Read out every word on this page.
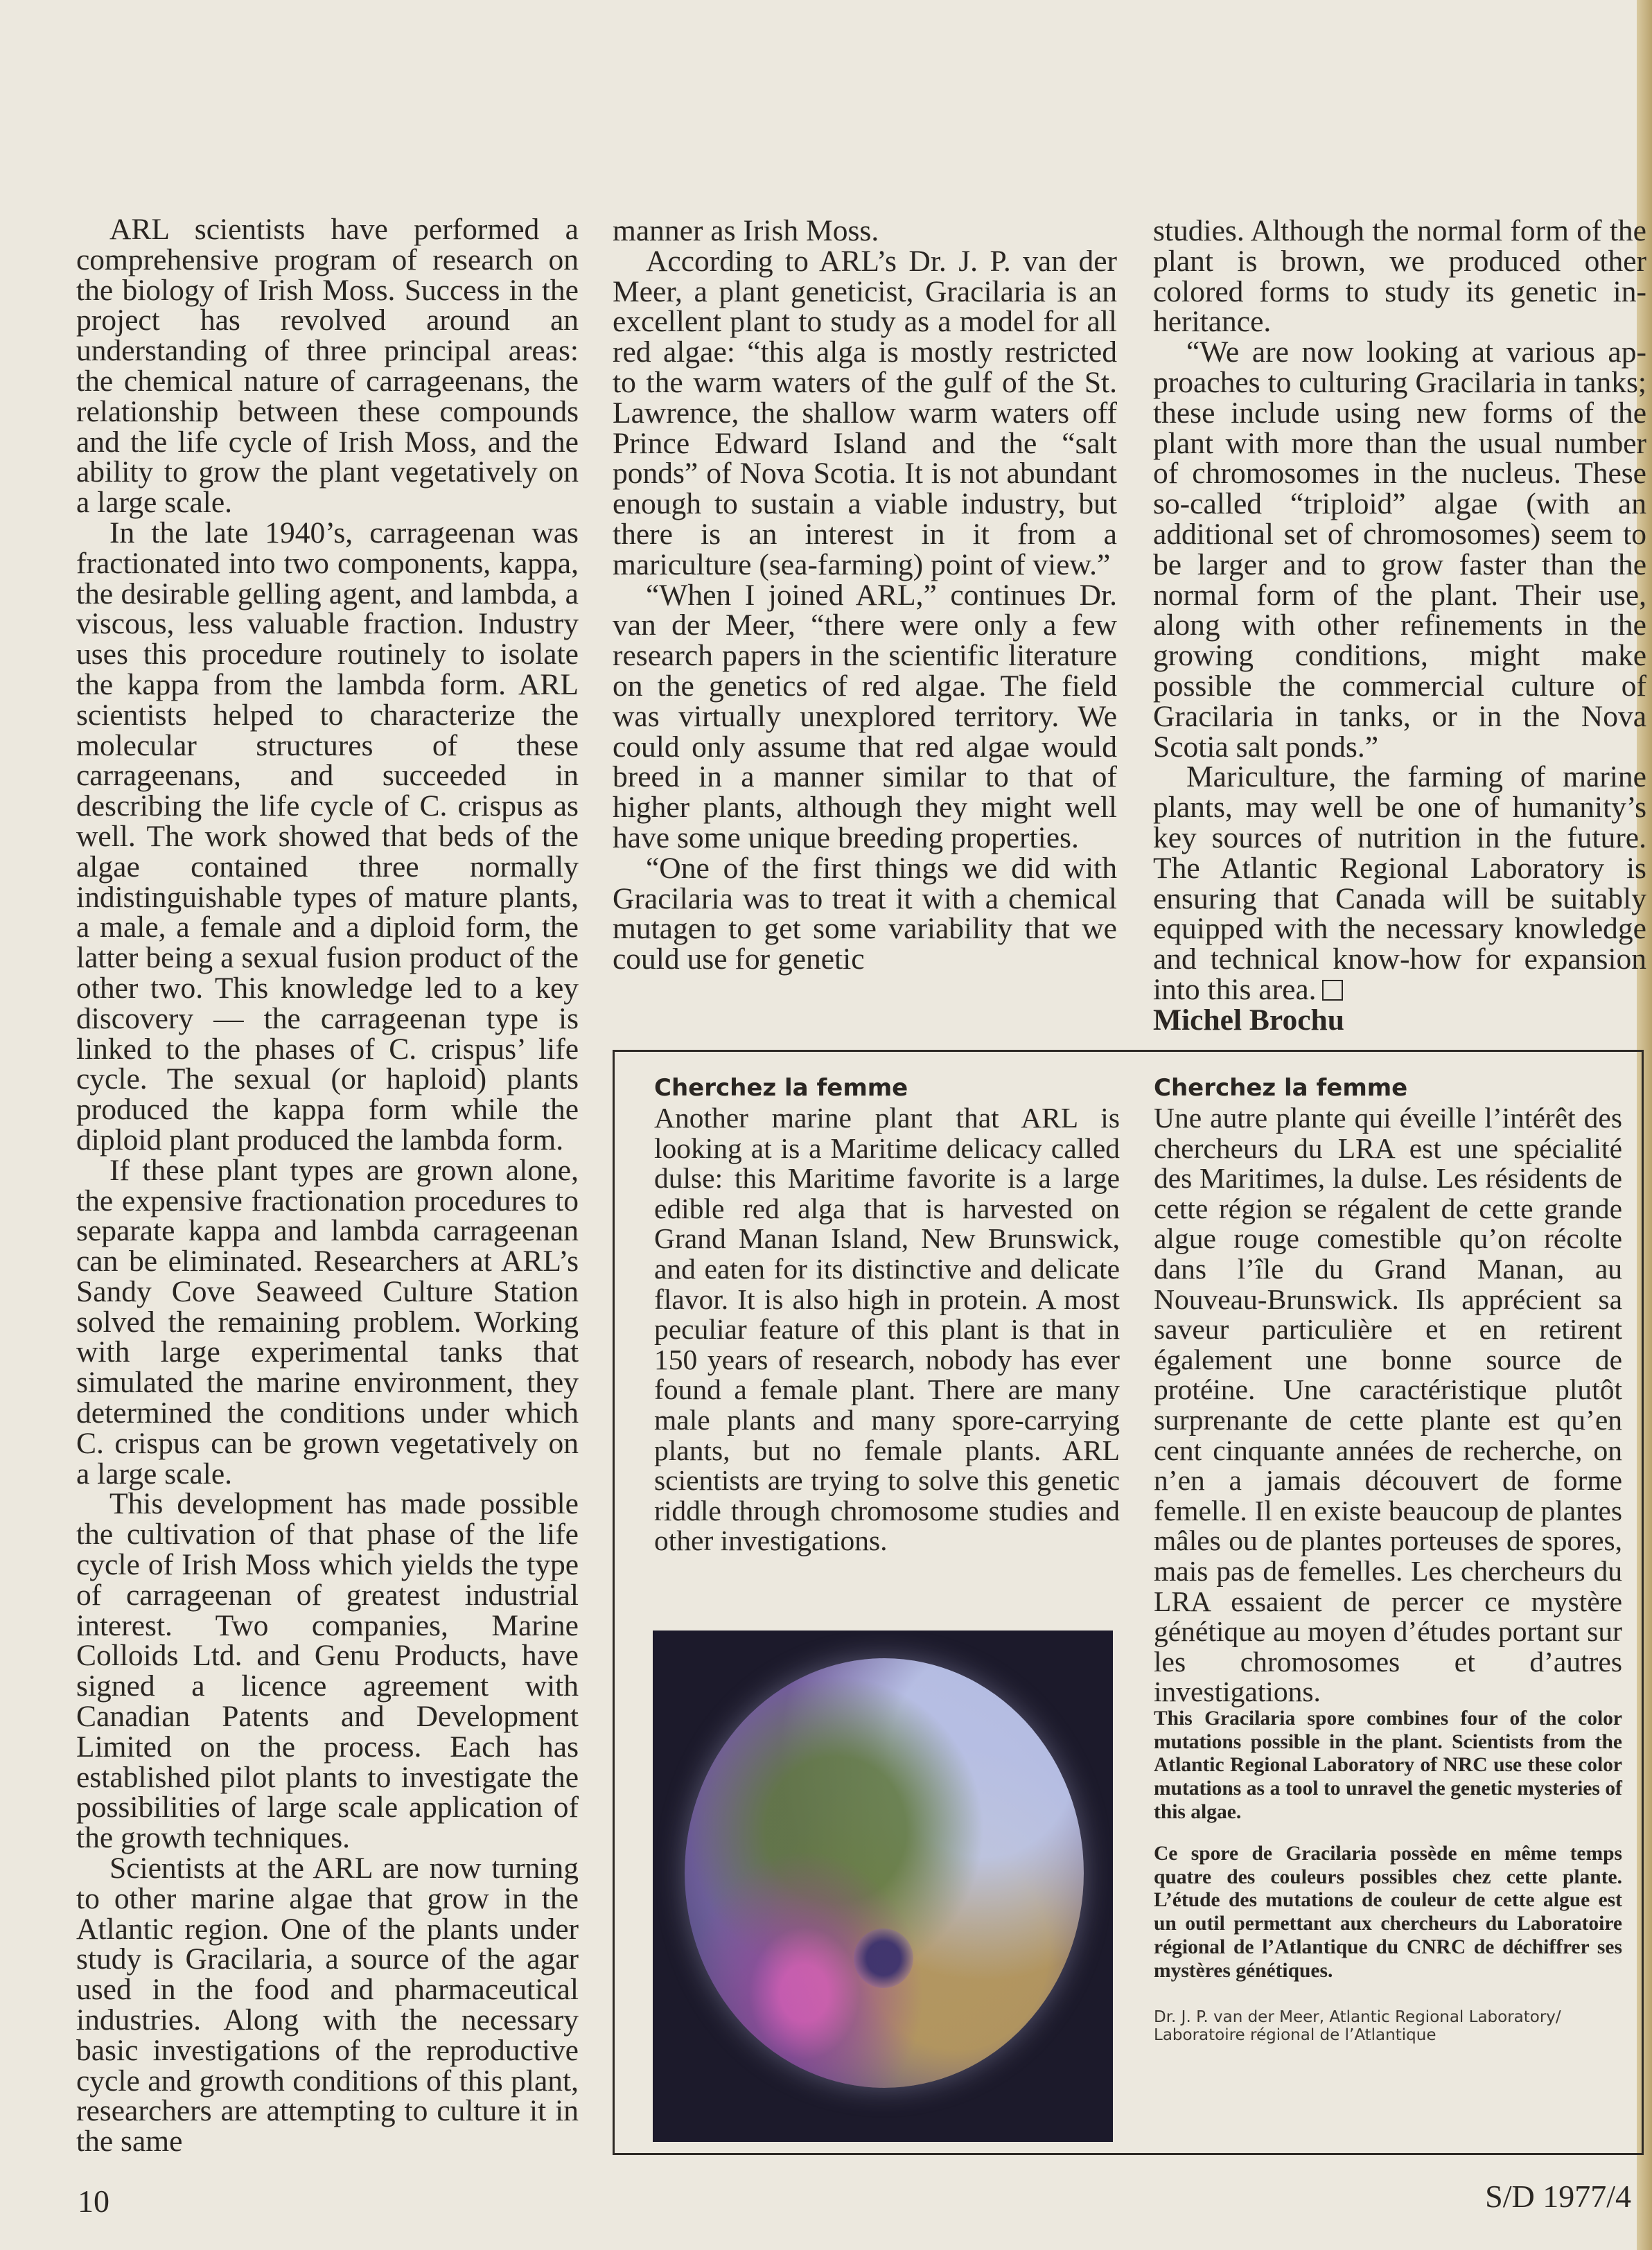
ARL scientists have performed a comprehensive program of research on the biology of Irish Moss. Success in the project has revolved around an understanding of three principal areas: the chemical nature of carrageenans, the relationship between these compounds and the life cycle of Irish Moss, and the ability to grow the plant vegetatively on a large scale.

In the late 1940’s, carrageenan was fractionated into two components, kappa, the desirable gelling agent, and lambda, a viscous, less valuable fraction. Industry uses this procedure routinely to isolate the kappa from the lambda form. ARL scientists helped to characterize the molecular structures of these carrageenans, and succeeded in describing the life cycle of C. crispus as well. The work showed that beds of the algae contained three normally indistinguishable types of mature plants, a male, a female and a diploid form, the latter being a sexual fusion product of the other two. This knowledge led to a key discovery — the carrageenan type is linked to the phases of C. crispus’ life cycle. The sexual (or haploid) plants produced the kappa form while the diploid plant produced the lambda form.

If these plant types are grown alone, the expensive fractionation procedures to separate kappa and lambda carrageenan can be eliminated. Researchers at ARL’s Sandy Cove Seaweed Culture Station solved the remaining problem. Working with large experimental tanks that simulated the marine environment, they determined the conditions under which C. crispus can be grown vegetatively on a large scale.

This development has made possible the cultivation of that phase of the life cycle of Irish Moss which yields the type of carrageenan of greatest industrial interest. Two companies, Marine Colloids Ltd. and Genu Products, have signed a licence agreement with Canadian Patents and Development Limited on the process. Each has established pilot plants to investigate the possibilities of large scale application of the growth techniques.

Scientists at the ARL are now turning to other marine algae that grow in the Atlantic region. One of the plants under study is Gracilaria, a source of the agar used in the food and pharmaceutical industries. Along with the necessary basic investigations of the reproductive cycle and growth conditions of this plant, researchers are attempting to culture it in the same

manner as Irish Moss.

According to ARL’s Dr. J. P. van der Meer, a plant geneticist, Gracilaria is an excellent plant to study as a model for all red algae: “this alga is mostly restricted to the warm waters of the gulf of the St. Lawrence, the shallow warm waters off Prince Edward Island and the “salt ponds” of Nova Scotia. It is not abundant enough to sustain a viable industry, but there is an interest in it from a mariculture (sea-farming) point of view.”

“When I joined ARL,” continues Dr. van der Meer, “there were only a few research papers in the scientific literature on the genetics of red algae. The field was virtually unexplored territory. We could only assume that red algae would breed in a manner similar to that of higher plants, although they might well have some unique breeding properties.

“One of the first things we did with Gracilaria was to treat it with a chemical mutagen to get some variability that we could use for genetic

studies. Although the normal form of the plant is brown, we produced other colored forms to study its genetic inheritance.

“We are now looking at various approaches to culturing Gracilaria in tanks; these include using new forms of the plant with more than the usual number of chromosomes in the nucleus. These so-called “triploid” algae (with an additional set of chromosomes) seem to be larger and to grow faster than the normal form of the plant. Their use, along with other refinements in the growing conditions, might make possible the commercial culture of Gracilaria in tanks, or in the Nova Scotia salt ponds.”

Mariculture, the farming of marine plants, may well be one of humanity’s key sources of nutrition in the future. The Atlantic Regional Laboratory is ensuring that Canada will be suitably equipped with the necessary knowledge and technical know-how for expansion into this area.

Michel Brochu

Cherchez la femme

Another marine plant that ARL is looking at is a Maritime delicacy called dulse: this Maritime favorite is a large edible red alga that is harvested on Grand Manan Island, New Brunswick, and eaten for its distinctive and delicate flavor. It is also high in protein. A most peculiar feature of this plant is that in 150 years of research, nobody has ever found a female plant. There are many male plants and many spore-carrying plants, but no female plants. ARL scientists are trying to solve this genetic riddle through chromosome studies and other investigations.

Cherchez la femme

Une autre plante qui éveille l’intérêt des chercheurs du LRA est une spécialité des Maritimes, la dulse. Les résidents de cette région se régalent de cette grande algue rouge comestible qu’on récolte dans l’île du Grand Manan, au Nouveau-Brunswick. Ils apprécient sa saveur particulière et en retirent également une bonne source de protéine. Une caractéristique plutôt surprenante de cette plante est qu’en cent cinquante années de recherche, on n’en a jamais découvert de forme femelle. Il en existe beaucoup de plantes mâles ou de plantes porteuses de spores, mais pas de femelles. Les chercheurs du LRA essaient de percer ce mystère génétique au moyen d’études portant sur les chromosomes et d’autres investigations.

This Gracilaria spore combines four of the color mutations possible in the plant. Scientists from the Atlantic Regional Laboratory of NRC use these color mutations as a tool to unravel the genetic mysteries of this algae.

Ce spore de Gracilaria possède en même temps quatre des couleurs possibles chez cette plante. L’étude des mutations de couleur de cette algue est un outil permettant aux chercheurs du Laboratoire régional de l’Atlantique du CNRC de déchiffrer ses mystères génétiques.

Dr. J. P. van der Meer, Atlantic Regional Laboratory/
Laboratoire régional de l’Atlantique
10	S/D 1977/4
